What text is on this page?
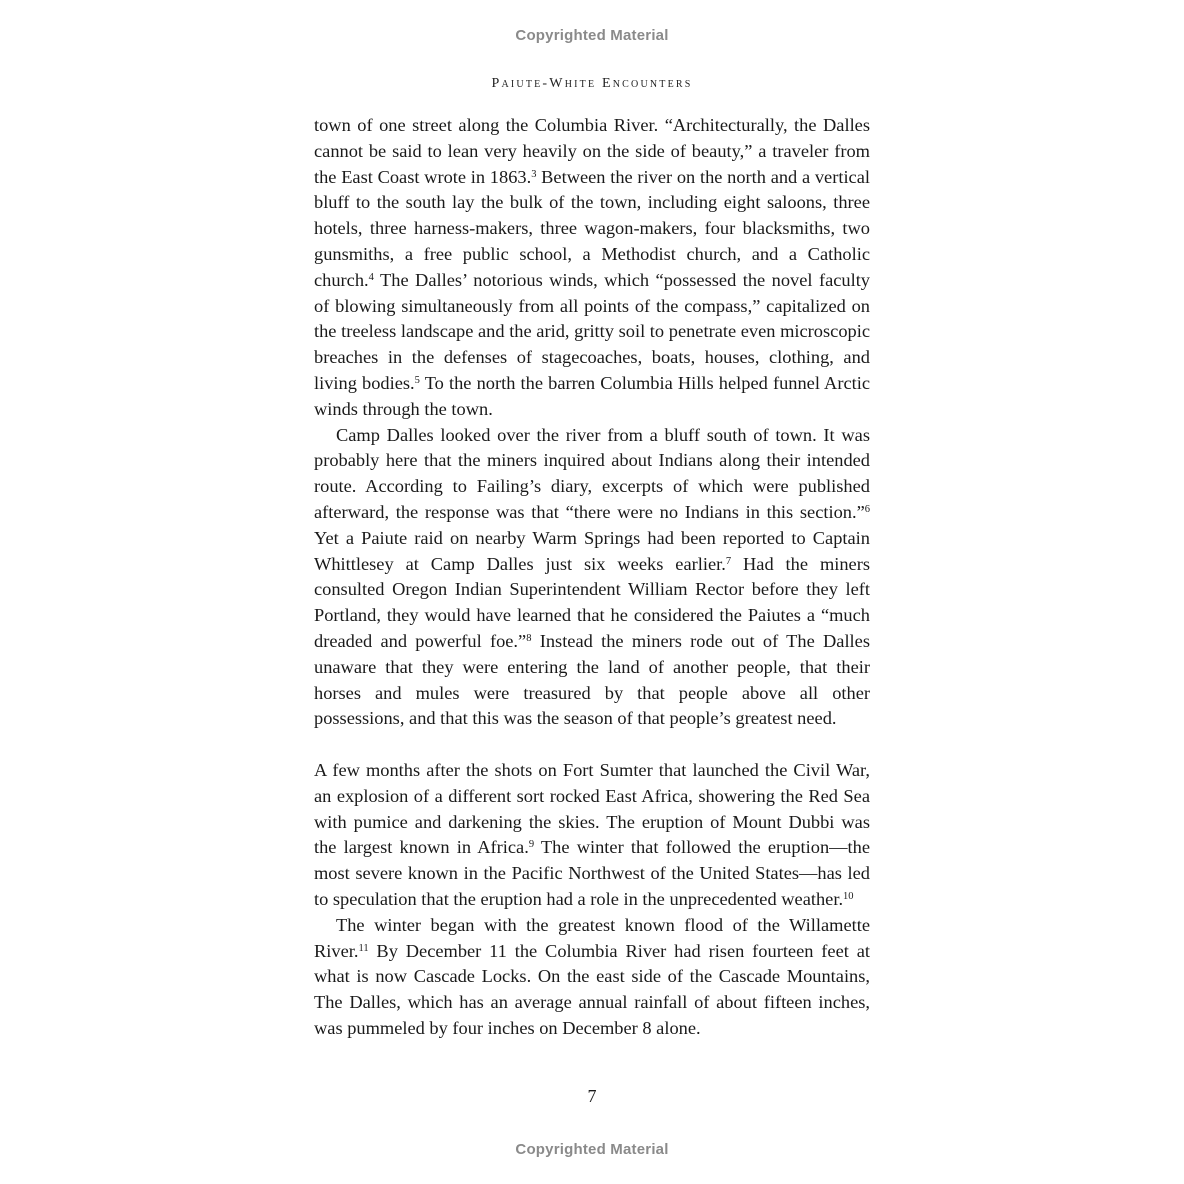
Copyrighted Material
Paiute-White Encounters

town of one street along the Columbia River. “Architecturally, the Dalles cannot be said to lean very heavily on the side of beauty,” a traveler from the East Coast wrote in 1863.$^3$ Between the river on the north and a vertical bluff to the south lay the bulk of the town, including eight saloons, three hotels, three harness-makers, three wagon-makers, four blacksmiths, two gunsmiths, a free public school, a Methodist church, and a Catholic church.$^4$ The Dalles’ notorious winds, which “possessed the novel faculty of blowing simultaneously from all points of the compass,” capitalized on the treeless landscape and the arid, gritty soil to penetrate even microscopic breaches in the defenses of stagecoaches, boats, houses, clothing, and living bodies.$^5$ To the north the barren Columbia Hills helped funnel Arctic winds through the town.

Camp Dalles looked over the river from a bluff south of town. It was probably here that the miners inquired about Indians along their intended route. According to Failing’s diary, excerpts of which were published afterward, the response was that “there were no Indians in this section.”$^6$ Yet a Paiute raid on nearby Warm Springs had been reported to Captain Whittlesey at Camp Dalles just six weeks earlier.$^7$ Had the miners consulted Oregon Indian Superintendent William Rector before they left Portland, they would have learned that he considered the Paiutes a “much dreaded and powerful foe.”$^8$ Instead the miners rode out of The Dalles unaware that they were entering the land of another people, that their horses and mules were treasured by that people above all other possessions, and that this was the season of that people’s greatest need.

A few months after the shots on Fort Sumter that launched the Civil War, an explosion of a different sort rocked East Africa, showering the Red Sea with pumice and darkening the skies. The eruption of Mount Dubbi was the largest known in Africa.$^9$ The winter that followed the eruption—the most severe known in the Pacific Northwest of the United States—has led to speculation that the eruption had a role in the unprecedented weather.$^{10}$

The winter began with the greatest known flood of the Willamette River.$^{11}$ By December 11 the Columbia River had risen fourteen feet at what is now Cascade Locks. On the east side of the Cascade Mountains, The Dalles, which has an average annual rainfall of about fifteen inches, was pummeled by four inches on December 8 alone.

7
Copyrighted Material
